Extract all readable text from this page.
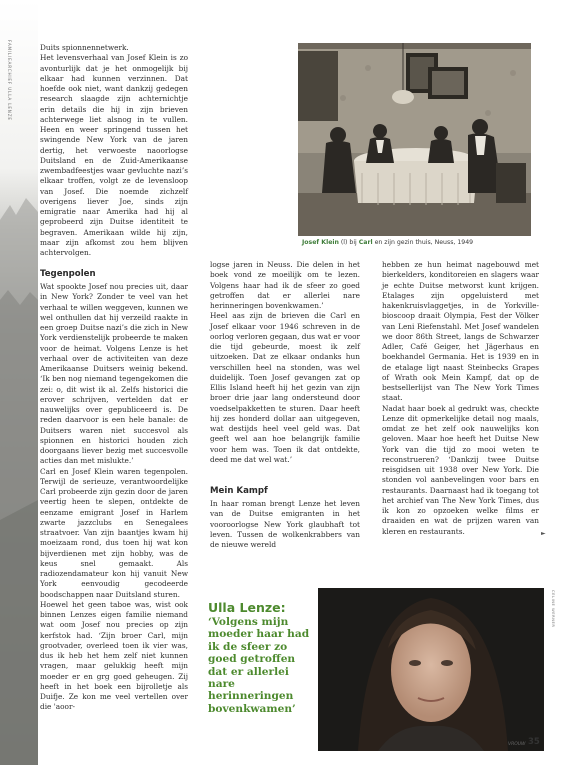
FAMILIEARCHIEF ULLA LENZE	Duits spionnennetwerk.
Het levensverhaal van Josef Klein is zo avonturlijk dat je het onmogelijk bij elkaar had kunnen verzinnen. Dat hoefde ook niet, want dankzij gedegen research slaagde zijn achternichtje erin details die hij in zijn brieven achterwege liet alsnog in te vullen. Heen en weer springend tussen het swingende New York van de jaren dertig, het verwoeste naoorlogse Duitsland en de Zuid-Amerikaanse zwembadfeestjes waar gevluchte nazi’s elkaar troffen, volgt ze de levensloop van Josef. Die noemde zichzelf overigens liever Joe, sinds zijn emigratie naar Amerika had hij al geprobeerd zijn Duitse identiteit te begraven. Amerikaan wilde hij zijn, maar zijn afkomst zou hem blijven achtervolgen.

Josef Klein (l) bij Carl en zijn gezin thuis, Neuss, 1949
Tegenpolen

Wat spookte Josef nou precies uit, daar in New York? Zonder te veel van het verhaal te willen weggeven, kunnen we wel onthullen dat hij verzeild raakte in een groep Duitse nazi’s die zich in New York verdienstelijk probeerde te maken voor de heimat. Volgens Lenze is het verhaal over de activiteiten van deze Amerikaanse Duitsers weinig bekend. ‘Ik ben nog niemand tegengekomen die zei: o, dit wist ik al. Zelfs historici die erover schrijven, vertelden dat er nauwelijks over gepubliceerd is. De reden daarvoor is een hele banale: de Duitsers waren niet succesvol als spionnen en historici houden zich doorgaans liever bezig met succesvolle acties dan met mislukte.’
Carl en Josef Klein waren tegenpolen. Terwijl de serieuze, verantwoordelijke Carl probeerde zijn gezin door de jaren veertig heen te slepen, ontdekte de eenzame emigrant Josef in Harlem zwarte jazzclubs en Senegalees straatvoer. Van zijn baantjes kwam hij moeizaam rond, dus toen hij wat kon bijverdienen met zijn hobby, was de keus snel gemaakt. Als radiozendamateur kon hij vanuit New York eenvoudig gecodeerde boodschappen naar Duitsland sturen.
Hoewel het geen taboe was, wist ook binnen Lenzes eigen familie niemand wat oom Josef nou precies op zijn kerfstok had. ‘Zijn broer Carl, mijn grootvader, overleed toen ik vier was, dus ik heb het hem zelf niet kunnen vragen, maar gelukkig heeft mijn moeder er en grg goed geheugen. Zij heeft in het boek een bijrolletje als Duifje. Ze kon me veel vertellen over die 'aoor-

logse jaren in Neuss. Die delen in het boek vond ze moeilijk om te lezen. Volgens haar had ik de sfeer zo goed getroffen dat er allerlei nare herinneringen bovenkwamen.’
Heel aas zijn de brieven die Carl en Josef elkaar voor 1946 schreven in de oorlog verloren gegaan, dus wat er voor die tijd gebeurde, moest ik zelf uitzoeken. Dat ze elkaar ondanks hun verschillen heel na stonden, was wel duidelijk. Toen Josef gevangen zat op Ellis Island heeft hij het gezin van zijn broer drie jaar lang ondersteund door voedselpakketten te sturen. Daar heeft hij zes honderd dollar aan uitgegeven, wat destijds heel veel geld was. Dat geeft wel aan hoe belangrijk familie voor hem was. Toen ik dat ontdekte, deed me dat wel wat.’

Mein Kampf

In haar roman brengt Lenze het leven van de Duitse emigranten in het vooroorlogse New York glaubhaft tot leven. Tussen de wolkenkrabbers van de nieuwe wereld

hebben ze hun heimat nagebouwd met bierkelders, konditoreien en slagers waar je echte Duitse metworst kunt krijgen. Etalages zijn opgeluisterd met hakenkruisvlaggetjes, in de Yorkville-bioscoop draait Olympia, Fest der Völker van Leni Riefenstahl. Met Josef wandelen we door 86th Street, langs de Schwarzer Adler, Café Geiger, het Jägerhaus en boekhandel Germania. Het is 1939 en in de etalage ligt naast Steinbecks Grapes of Wrath ook Mein Kampf, dat op de bestsellerlijst van The New York Times staat.
Nadat haar boek al gedrukt was, checkte Lenze dit opmerkelijke detail nog maals, omdat ze het zelf ook nauwelijks kon geloven. Maar hoe heeft het Duitse New York van die tijd zo mooi weten te reconstrueren? ‘Dankzij twee Duitse reisgidsen uit 1938 over New York. Die stonden vol aanbevelingen voor bars en restaurants. Daarnaast had ik toegang tot het archief van The New York Times, dus ik kon zo opzoeken welke films er draaiden en wat de prijzen waren van kleren en restaurants.	►
Ulla Lenze:
‘Volgens mijn moeder haar had ik de sfeer zo goed getroffen dat er allerlei nare herinneringen bovenkwamen’
CELINE WERNER
VROUW 35
